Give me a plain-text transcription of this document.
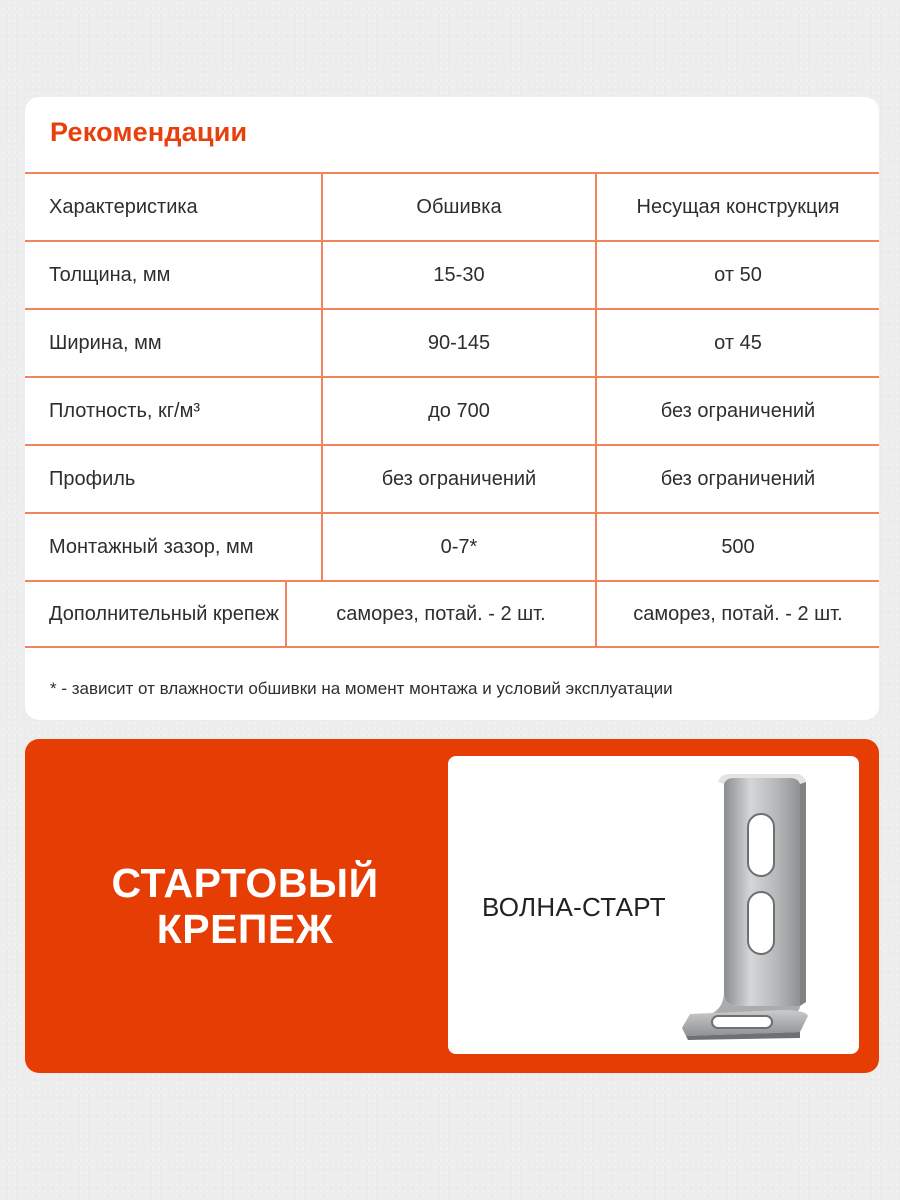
Рекомендации
Характеристика	Обшивка	Несущая конструкция
Толщина, мм	15-30	от 50
Ширина, мм	90-145	от 45
Плотность, кг/м³	до 700	без ограничений
Профиль	без ограничений	без ограничений
Монтажный зазор, мм	0-7*	500
Дополнительный крепеж	саморез, потай. - 2 шт.	саморез, потай. - 2 шт.
* - зависит от влажности обшивки на момент монтажа и условий эксплуатации
СТАРТОВЫЙ
КРЕПЕЖ	ВОЛНА-СТАРТ
